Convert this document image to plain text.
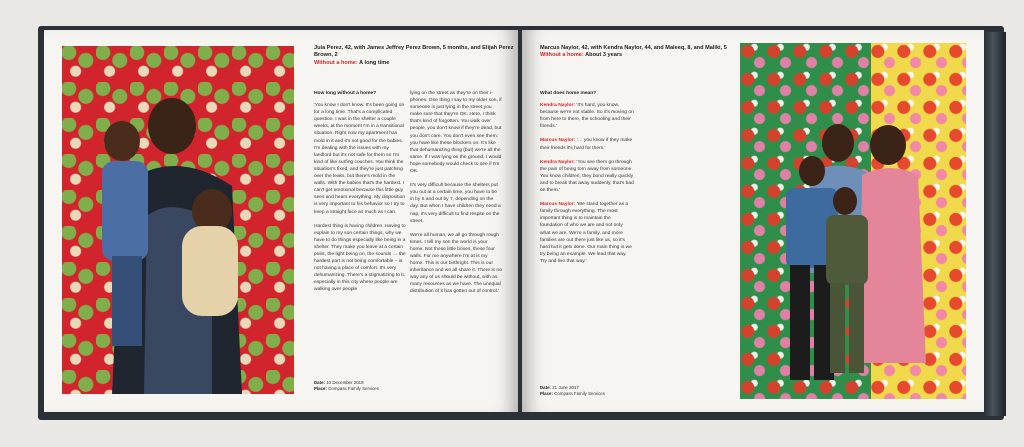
Jula Perez, 42, with James Jeffrey Perez Brown, 5 months, and Elijah Perez Brown, 2
Without a home: A long time

How long without a home?

'You know I don't know. It's been going on for a long time. That's a complicated question. I was in the shelter a couple weeks, at the moment I'm in a transitional situation. Right now my apartment has mold in it and it's not good for the babies. I'm dealing with the issues with my landlord but it's not safe for them so I'm kind of like surfing couches. You think the situation's fixed, and they're just patching over the leaks, but there's mold in the walls. With the babies that's the hardest. I can't get emotional because this little guy sees and hears everything. My disposition is very important to his behavior so I try to keep a straight face as much as I can.

Hardest thing is having children. Having to explain to my son certain things, why we have to do things especially like being in a shelter. They make you leave at a certain point, the light being on, the sounds … the hardest part is not being comfortable – is not having a place of comfort. It's very dehumanizing. There's a stigmatizing to it, especially in this city where people are walking over people

lying on the street as they're on their i-phones. One thing I say to my older son, if someone is just lying in the street you make sure that they're OK. Here, I think that's kind of forgotten. You walk over people, you don't know if they're dead, but you don't care. You don't even see them; you have like these blockers on. It's like that dehumanizing thing (but) we're all the same. If I was lying on the ground, I would hope somebody would check to see if I'm OK.

It's very difficult because the shelters put you out at a certain time, you have to be in by 5 and out by 7, depending on the day. But when I have children they need a nap, it's very difficult to find respite on the street.

We're all human, we all go through rough times. I tell my son the world is your home. Not these little boxes, these four walls. For me anywhere I'm at is my home. This is our birthright. This is our inheritance and we all share it. There is no way any of us should be without, with as many resources as we have. The unequal distribution of it has gotten out of control.'

Date: 10 December 2019
Place: Compass Family Services
Marcus Naylor, 42, with Kendra Naylor, 44, and Maleeq, 8, and Maliki, 5
Without a home: About 3 years

What does home mean?

Kendra Naylor: 'It's hard, you know, because we're not stable. So it's moving on from here to there, the schooling and their friends.'

Marcus Naylor: '… you know if they make their friends it's hard for them.'

Kendra Naylor: 'You see them go through the pain of being torn away from someone. You know children, they bond really quickly and to break that away suddenly, that's bad on them.'

Marcus Naylor: 'We stand together as a family through everything. The most important thing is to maintain the foundation of who we are and not only what we are. We're a family, and more families are out there just like us, so it's hard but it gets done. Our main thing is we try being an example. We lead that way. Try and live that way.'

Date: 21 June 2017
Place: Compass Family Services
